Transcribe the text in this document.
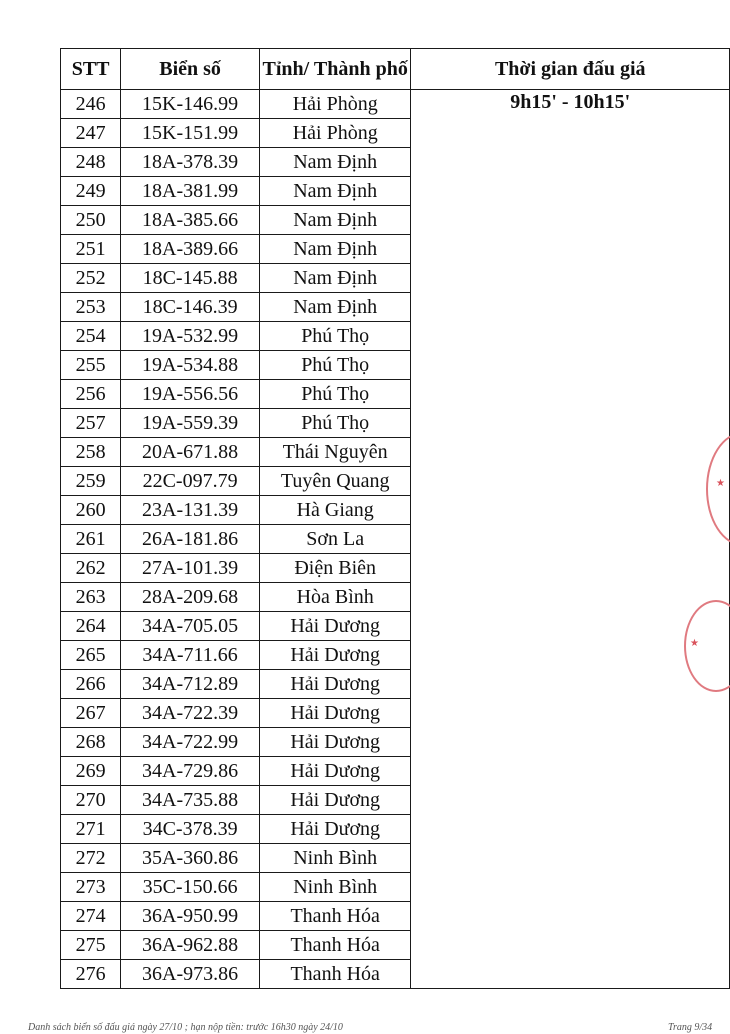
STT	Biển số	Tỉnh/ Thành phố	Thời gian đấu giá
246	15K-146.99	Hải Phòng	9h15' - 10h15'
247	15K-151.99	Hải Phòng	
248	18A-378.39	Nam Định	
249	18A-381.99	Nam Định	
250	18A-385.66	Nam Định	
251	18A-389.66	Nam Định	
252	18C-145.88	Nam Định	
253	18C-146.39	Nam Định	
254	19A-532.99	Phú Thọ	
255	19A-534.88	Phú Thọ	
256	19A-556.56	Phú Thọ	
257	19A-559.39	Phú Thọ	
258	20A-671.88	Thái Nguyên	
259	22C-097.79	Tuyên Quang	
260	23A-131.39	Hà Giang	
261	26A-181.86	Sơn La	
262	27A-101.39	Điện Biên	
263	28A-209.68	Hòa Bình	
264	34A-705.05	Hải Dương	
265	34A-711.66	Hải Dương	
266	34A-712.89	Hải Dương	
267	34A-722.39	Hải Dương	
268	34A-722.99	Hải Dương	
269	34A-729.86	Hải Dương	
270	34A-735.88	Hải Dương	
271	34C-378.39	Hải Dương	
272	35A-360.86	Ninh Bình	
273	35C-150.66	Ninh Bình	
274	36A-950.99	Thanh Hóa	
275	36A-962.88	Thanh Hóa	
276	36A-973.86	Thanh Hóa	
★
★
Danh sách biển số đấu giá ngày 27/10 ; hạn nộp tiền: trước 16h30 ngày 24/10	Trang 9/34
